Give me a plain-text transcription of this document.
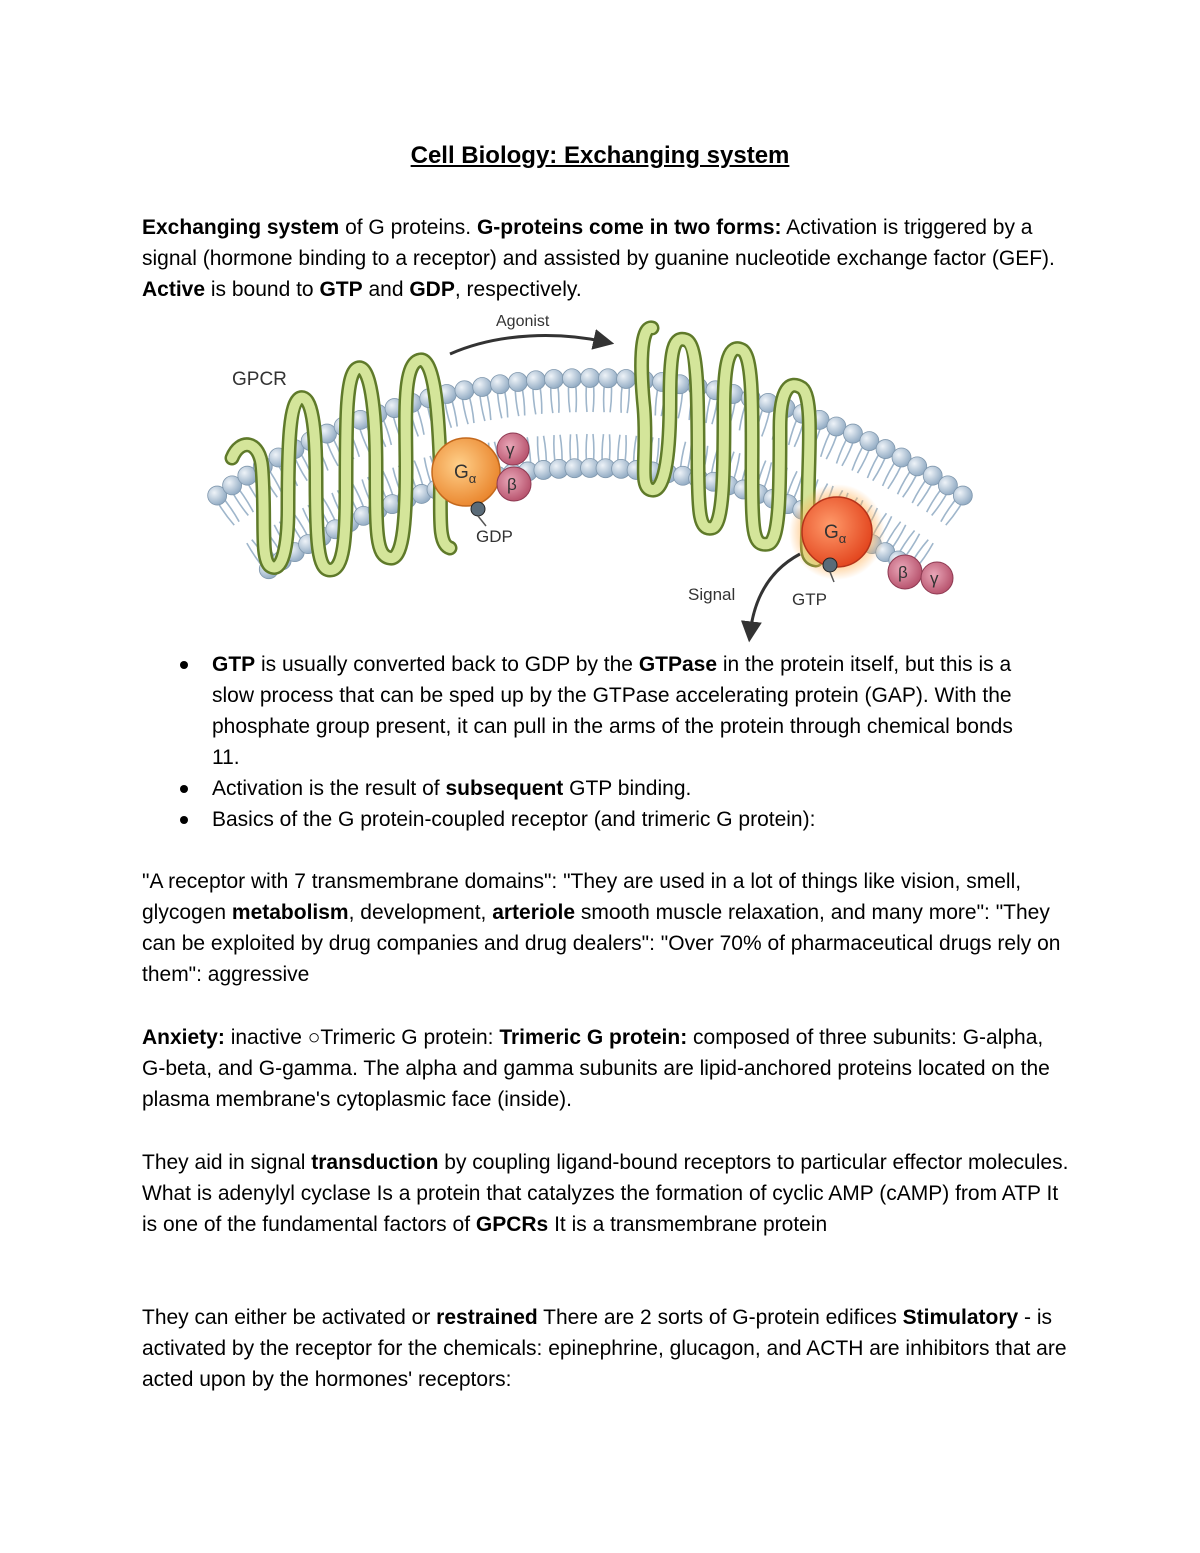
Cell Biology: Exchanging system

Exchanging system of G proteins. G-proteins come in two forms: Activation is triggered by a signal (hormone binding to a receptor) and assisted by guanine nucleotide exchange factor (GEF). Active is bound to GTP and GDP, respectively.

Agonist
GPCR
$G_\alpha$
γ
β
GDP	$G_\alpha$
GTP
β γ
Signal
GTP is usually converted back to GDP by the GTPase in the protein itself, but this is a slow process that can be sped up by the GTPase accelerating protein (GAP). With the phosphate group present, it can pull in the arms of the protein through chemical bonds 11.
Activation is the result of subsequent GTP binding.
Basics of the G protein-coupled receptor (and trimeric G protein):

"A receptor with 7 transmembrane domains": "They are used in a lot of things like vision, smell, glycogen metabolism, development, arteriole smooth muscle relaxation, and many more": "They can be exploited by drug companies and drug dealers": "Over 70% of pharmaceutical drugs rely on them": aggressive

Anxiety: inactive ○Trimeric G protein: Trimeric G protein: composed of three subunits: G-alpha, G-beta, and G-gamma. The alpha and gamma subunits are lipid-anchored proteins located on the plasma membrane's cytoplasmic face (inside).

They aid in signal transduction by coupling ligand-bound receptors to particular effector molecules. What is adenylyl cyclase Is a protein that catalyzes the formation of cyclic AMP (cAMP) from ATP It is one of the fundamental factors of GPCRs It is a transmembrane protein

They can either be activated or restrained There are 2 sorts of G-protein edifices Stimulatory - is activated by the receptor for the chemicals: epinephrine, glucagon, and ACTH are inhibitors that are acted upon by the hormones' receptors:
